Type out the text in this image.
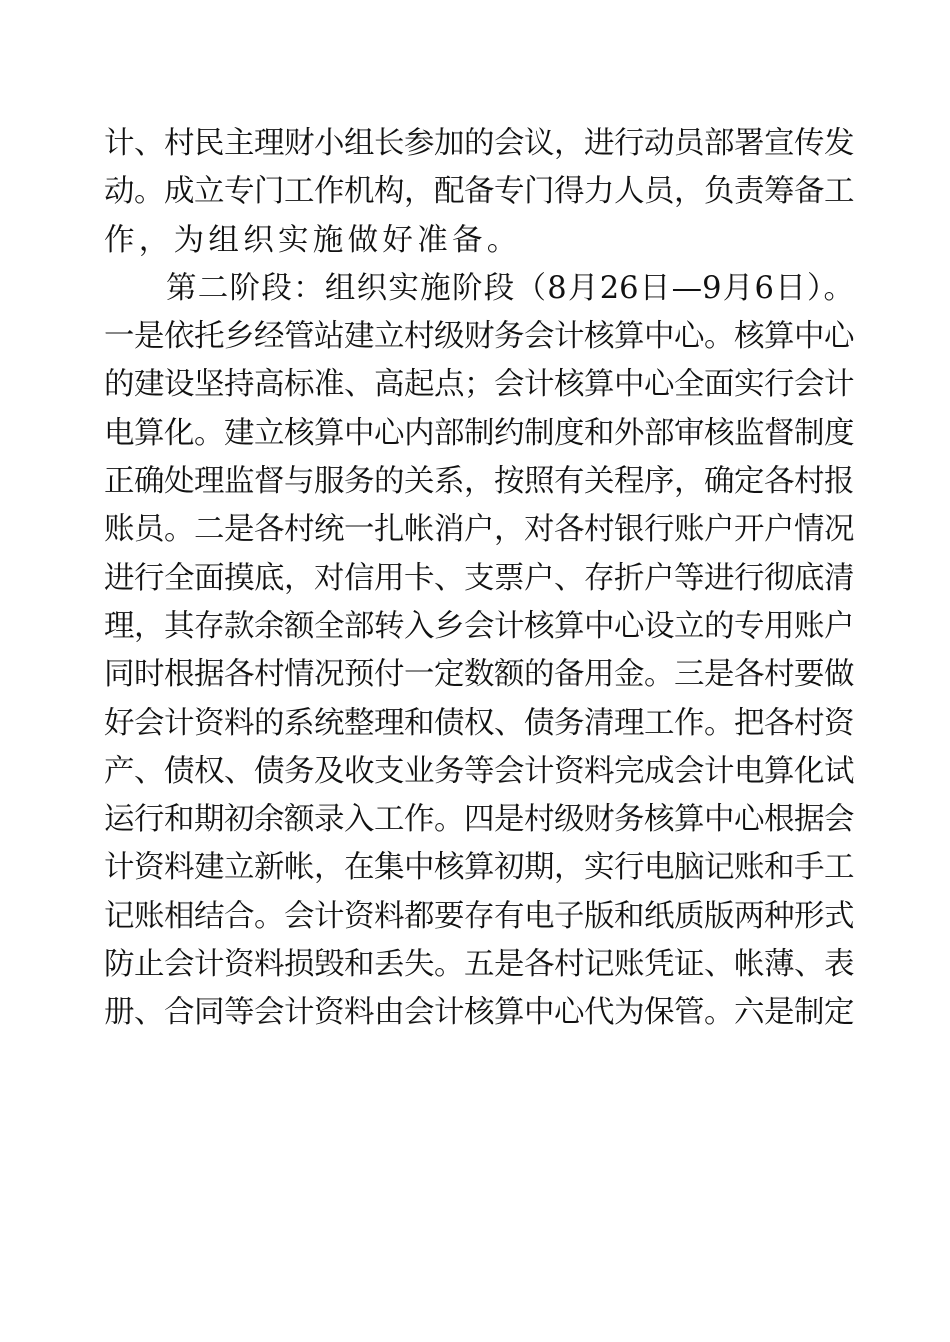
计、村民主理财小组长参加的会议，进行动员部署宣传发
动。成立专门工作机构，配备专门得力人员，负责筹备工
作，为组织实施做好准备。
第二阶段：组织实施阶段（8月26日—9月6日）。
一是依托乡经管站建立村级财务会计核算中心。核算中心
的建设坚持高标准、高起点；会计核算中心全面实行会计
电算化。建立核算中心内部制约制度和外部审核监督制度
正确处理监督与服务的关系，按照有关程序，确定各村报
账员。二是各村统一扎帐消户，对各村银行账户开户情况
进行全面摸底，对信用卡、支票户、存折户等进行彻底清
理，其存款余额全部转入乡会计核算中心设立的专用账户
同时根据各村情况预付一定数额的备用金。三是各村要做
好会计资料的系统整理和债权、债务清理工作。把各村资
产、债权、债务及收支业务等会计资料完成会计电算化试
运行和期初余额录入工作。四是村级财务核算中心根据会
计资料建立新帐，在集中核算初期，实行电脑记账和手工
记账相结合。会计资料都要存有电子版和纸质版两种形式
防止会计资料损毁和丢失。五是各村记账凭证、帐薄、表
册、合同等会计资料由会计核算中心代为保管。六是制定
